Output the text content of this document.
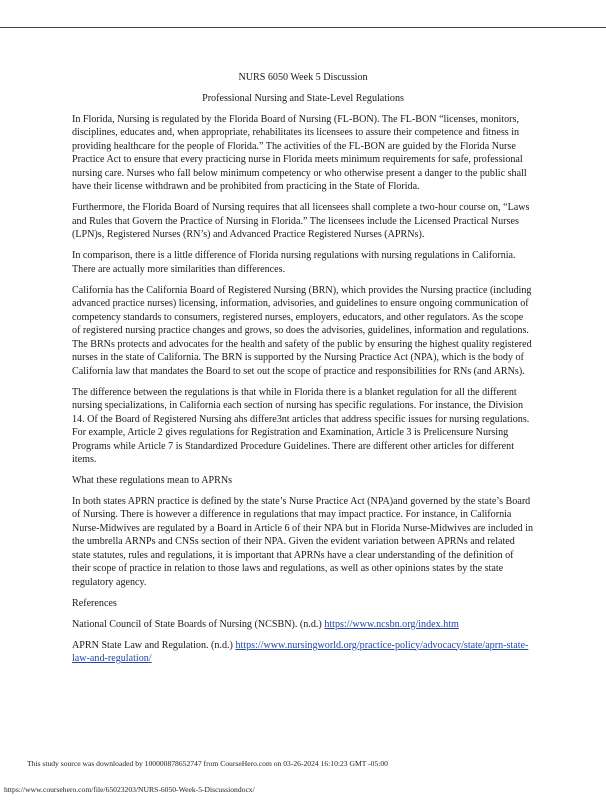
NURS 6050 Week 5 Discussion

Professional Nursing and State-Level Regulations

In Florida, Nursing is regulated by the Florida Board of Nursing (FL-BON). The FL-BON “licenses, monitors, disciplines, educates and, when appropriate, rehabilitates its licensees to assure their competence and fitness in providing healthcare for the people of Florida.” The activities of the FL-BON are guided by the Florida Nurse Practice Act to ensure that every practicing nurse in Florida meets minimum requirements for safe, professional nursing care. Nurses who fall below minimum competency or who otherwise present a danger to the public shall have their license withdrawn and be prohibited from practicing in the State of Florida.

Furthermore, the Florida Board of Nursing requires that all licensees shall complete a two-hour course on, “Laws and Rules that Govern the Practice of Nursing in Florida.” The licensees include the Licensed Practical Nurses (LPN)s, Registered Nurses (RN’s) and Advanced Practice Registered Nurses (APRNs).

In comparison, there is a little difference of Florida nursing regulations with nursing regulations in California. There are actually more similarities than differences.

California has the California Board of Registered Nursing (BRN), which provides the Nursing practice (including advanced practice nurses) licensing, information, advisories, and guidelines to ensure ongoing communication of competency standards to consumers, registered nurses, employers, educators, and other regulators. As the scope of registered nursing practice changes and grows, so does the advisories, guidelines, information and regulations. The BRNs protects and advocates for the health and safety of the public by ensuring the highest quality registered nurses in the state of California. The BRN is supported by the Nursing Practice Act (NPA), which is the body of California law that mandates the Board to set out the scope of practice and responsibilities for RNs (and ARNs).

The difference between the regulations is that while in Florida there is a blanket regulation for all the different nursing specializations, in California each section of nursing has specific regulations. For instance, the Division 14. Of the Board of Registered Nursing ahs differe3nt articles that address specific issues for nursing regulations. For example, Article 2 gives regulations for Registration and Examination, Article 3 is Prelicensure Nursing Programs while Article 7 is Standardized Procedure Guidelines. There are different other articles for different items.

What these regulations mean to APRNs

In both states APRN practice is defined by the state’s Nurse Practice Act (NPA)and governed by the state’s Board of Nursing. There is however a difference in regulations that may impact practice. For instance, in California Nurse-Midwives are regulated by a Board in Article 6 of their NPA but in Florida Nurse-Midwives are included in the umbrella ARNPs and CNSs section of their NPA. Given the evident variation between APRNs and related state statutes, rules and regulations, it is important that APRNs have a clear understanding of the definition of their scope of practice in relation to those laws and regulations, as well as other opinions states by the state regulatory agency.

References

National Council of State Boards of Nursing (NCSBN). (n.d.) https://www.ncsbn.org/index.htm
APRN State Law and Regulation. (n.d.) https://www.nursingworld.org/practice-policy/advocacy/state/aprn-state-law-and-regulation/
This study source was downloaded by 100000878652747 from CourseHero.com on 03-26-2024 16:10:23 GMT -05:00
https://www.coursehero.com/file/65023203/NURS-6050-Week-5-Discussiondocx/
